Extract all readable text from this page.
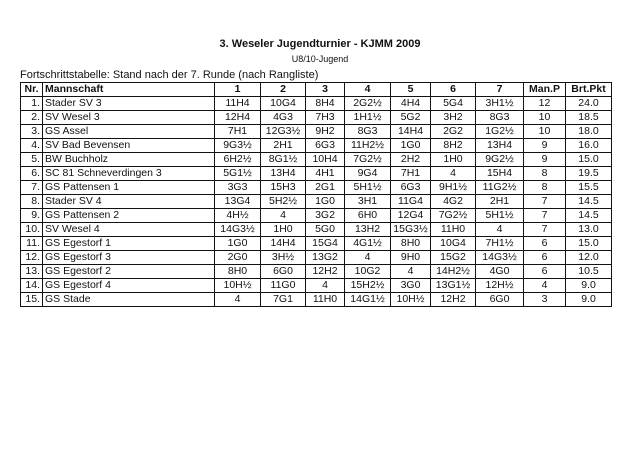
3. Weseler Jugendturnier - KJMM 2009
U8/10-Jugend
Fortschrittstabelle: Stand nach der 7. Runde (nach Rangliste)
Nr.	Mannschaft	1	2	3	4	5	6	7	Man.P	Brt.Pkt
1.	Stader SV 3	11H4	10G4	8H4	2G2½	4H4	5G4	3H1½	12	24.0
2.	SV Wesel 3	12H4	4G3	7H3	1H1½	5G2	3H2	8G3	10	18.5
3.	GS Assel	7H1	12G3½	9H2	8G3	14H4	2G2	1G2½	10	18.0
4.	SV Bad Bevensen	9G3½	2H1	6G3	11H2½	1G0	8H2	13H4	9	16.0
5.	BW Buchholz	6H2½	8G1½	10H4	7G2½	2H2	1H0	9G2½	9	15.0
6.	SC 81 Schneverdingen 3	5G1½	13H4	4H1	9G4	7H1	4	15H4	8	19.5
7.	GS Pattensen 1	3G3	15H3	2G1	5H1½	6G3	9H1½	11G2½	8	15.5
8.	Stader SV 4	13G4	5H2½	1G0	3H1	11G4	4G2	2H1	7	14.5
9.	GS Pattensen 2	4H½	4	3G2	6H0	12G4	7G2½	5H1½	7	14.5
10.	SV Wesel 4	14G3½	1H0	5G0	13H2	15G3½	11H0	4	7	13.0
11.	GS Egestorf 1	1G0	14H4	15G4	4G1½	8H0	10G4	7H1½	6	15.0
12.	GS Egestorf 3	2G0	3H½	13G2	4	9H0	15G2	14G3½	6	12.0
13.	GS Egestorf 2	8H0	6G0	12H2	10G2	4	14H2½	4G0	6	10.5
14.	GS Egestorf 4	10H½	11G0	4	15H2½	3G0	13G1½	12H½	4	9.0
15.	GS Stade	4	7G1	11H0	14G1½	10H½	12H2	6G0	3	9.0
